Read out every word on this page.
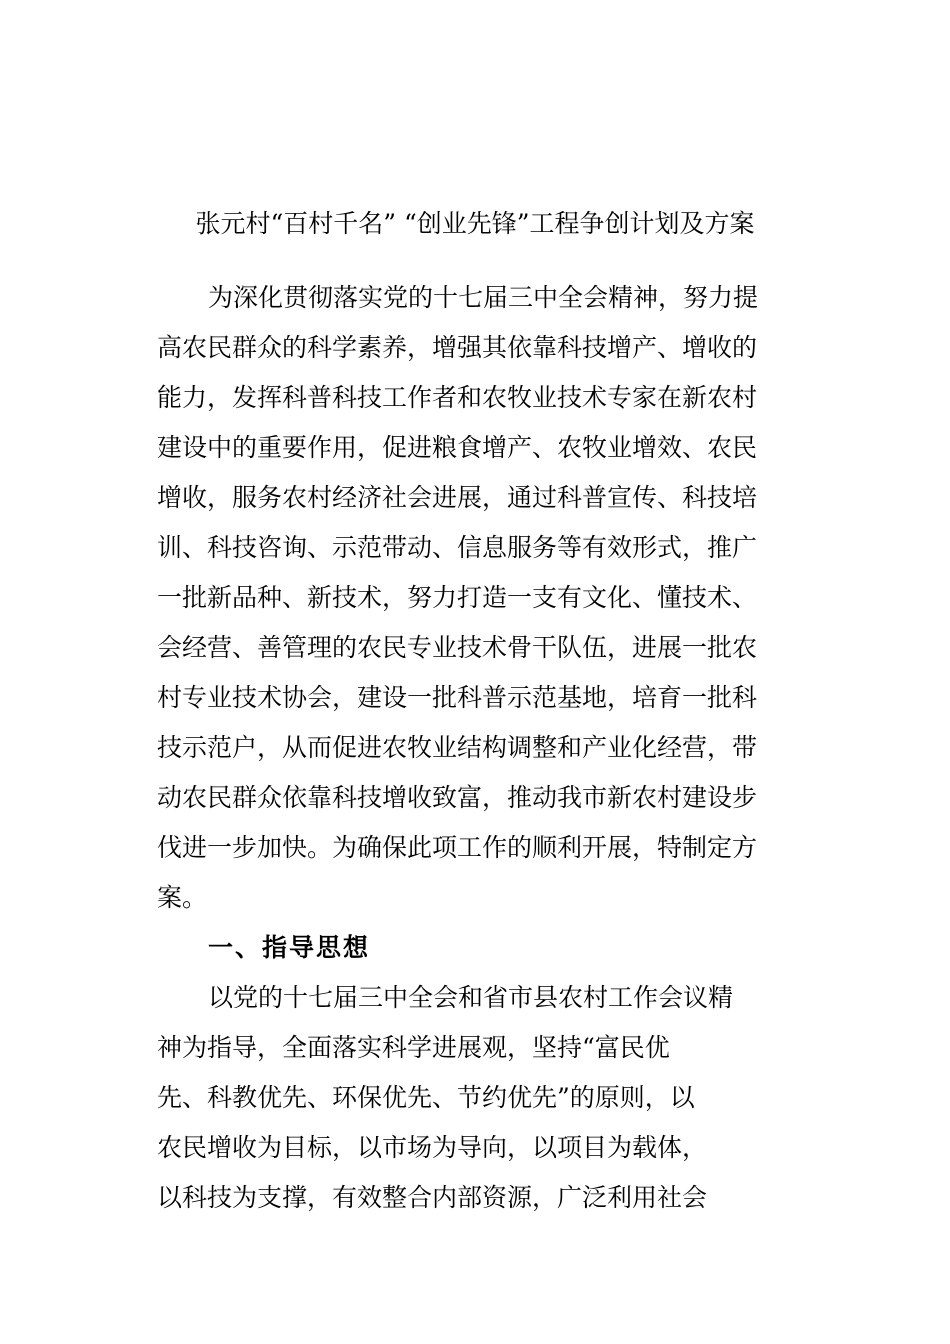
张元村“百村千名” “创业先锋”工程争创计划及方案
为深化贯彻落实党的十七届三中全会精神，努力提
高农民群众的科学素养，增强其依靠科技增产、增收的
能力，发挥科普科技工作者和农牧业技术专家在新农村
建设中的重要作用，促进粮食增产、农牧业增效、农民
增收，服务农村经济社会进展，通过科普宣传、科技培
训、科技咨询、示范带动、信息服务等有效形式，推广
一批新品种、新技术，努力打造一支有文化、懂技术、
会经营、善管理的农民专业技术骨干队伍，进展一批农
村专业技术协会，建设一批科普示范基地，培育一批科
技示范户，从而促进农牧业结构调整和产业化经营，带
动农民群众依靠科技增收致富，推动我市新农村建设步
伐进一步加快。为确保此项工作的顺利开展，特制定方
案。
一、指导思想
以党的十七届三中全会和省市县农村工作会议精
神为指导，全面落实科学进展观，坚持“富民优
先、科教优先、环保优先、节约优先”的原则，以
农民增收为目标，以市场为导向，以项目为载体，
以科技为支撑，有效整合内部资源，广泛利用社会
